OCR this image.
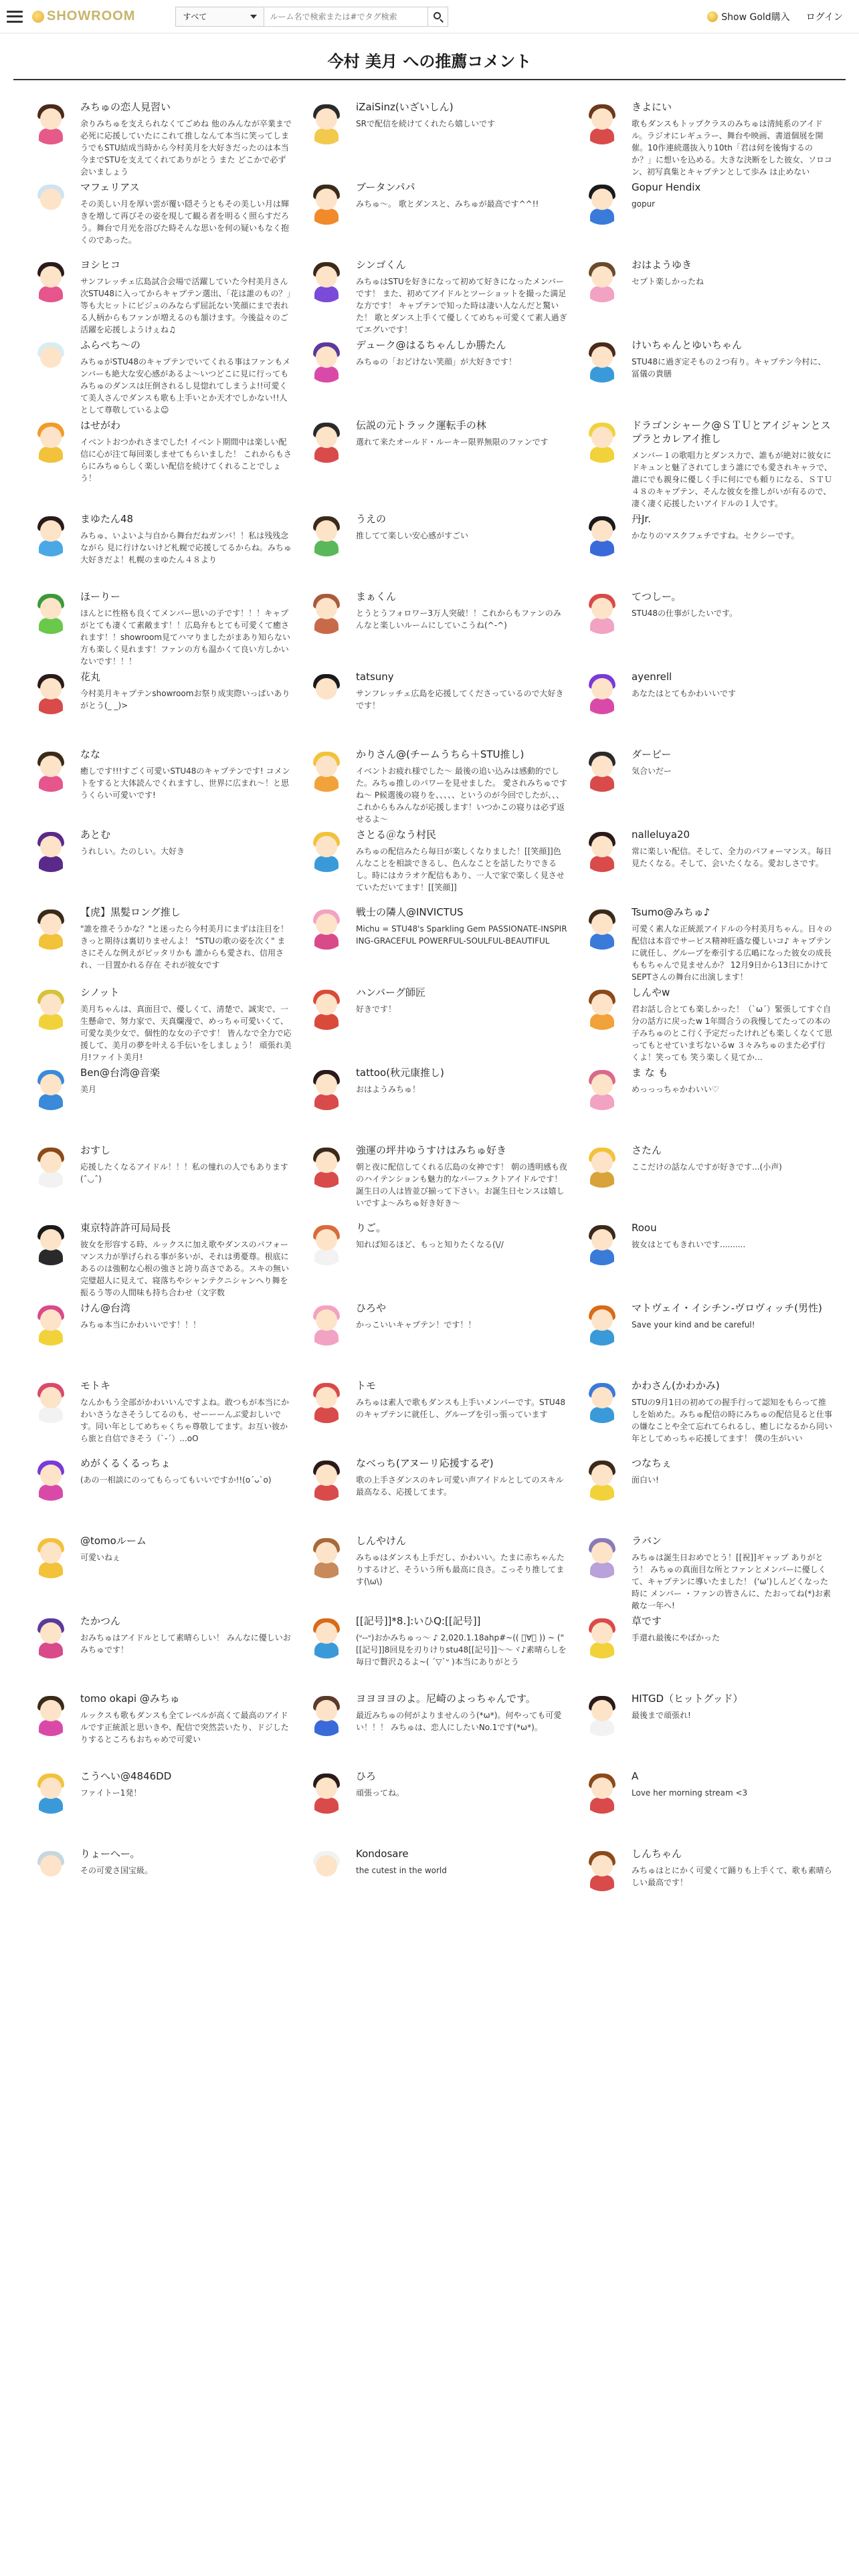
SHOWROOM	すべて
ルーム名で検索または#でタグ検索	Show Gold購入 ログイン
今村 美月 への推薦コメント
みちゅの恋人見習い
余りみちゅを支えられなくてごめね 他のみんなが卒業まで必死に応援していたにこれて推しなんて本当に笑ってしまうでもSTU結成当時から今村美月を大好きだったのは本当 今までSTUを支えてくれてありがとう また どこかで必ず会いましょう
iZaiSinz(いざいしん)
SRで配信を続けてくれたら嬉しいです
きよにい
歌もダンスもトップクラスのみちゅは清純系のアイドル。ラジオにレギュラー、舞台や映画、書道個展を開催。10作連続選抜入り10th「君は何を後悔するのか？」に想いを込める。大きな決断をした彼女、ソロコン、初写真集とキャプテンとして歩み は止めない
マフェリアス
その美しい月を厚い雲が覆い隠そうともその美しい月は輝きを増して再びその姿を現して観る者を明るく照らすだろう。舞台で月光を浴びた時そんな思いを何の疑いもなく抱くのであった。
ブータンパパ
みちゅ〜。 歌とダンスと、みちゅが最高です^^!!
Gopur Hendix
gopur
ヨシヒコ
サンフレッチェ広島試合会場で活躍していた今村美月さん次STU48に入ってからキャプテン選出、「花は誰のもの？」等も大ヒットにビジュのみならず屈託ない笑顔にまで表れる人柄からもファンが増えるのも頷けます。今後益々のご活躍を応援しようけぇね♫
シンゴくん
みちゅはSTUを好きになって初めて好きになったメンバーです！ また、初めてアイドルとツーショットを撮った満足な方です！ キャプテンで知った時は凄い人なんだと驚いた！ 歌とダンス上手くて優しくてめちゃ可愛くて素人過ぎてエグいです！
おはようゆき
セプト楽しかったね
ふらぺち〜の
みちゅがSTU48のキャプテンでいてくれる事はファンもメンバーも絶大な安心感があるよ〜いつどこに見に行ってもみちゅのダンスは圧倒されるし見惚れてしまうよ!!可愛くて美人さんでダンスも歌も上手いとか天才でしかない!!人として尊敬しているよ☺
デューク@はるちゃんしか勝たん
みちゅの「おどけない笑顔」が大好きです！
けいちゃんとゆいちゃん
STU48に過ぎ定そもの２つ有り。キャプテン今村に、冨儀の貴膳
はせがわ
イベントおつかれさまでした! イベント期間中は楽しい配信に心が注て毎回楽しませてもらいました！ これからもさらにみちゅらしく楽しい配信を続けてくれることでしょう！
伝説の元トラック運転手の林
選れて来たオールド・ルーキー限界無限のファンです
ドラゴンシャーク@ＳＴＵとアイジャンとスプラとカレアイ推し
メンバー１の歌唱力とダンス力で、誰もが絶対に彼女にドキュンと魅了されてしまう誰にでも愛されキャラで、誰にでも親身に優しく手に何にでも頼りになる、ＳＴＵ４８のキャプテン、そんな彼女を推しがいが有るので、凄く凄く応援したいアイドルの１人です。
まゆたん48
みちゅ、いよいよ与自から舞台だねガンバ！！私は残残念ながら 見に行けないけど札幌で応援してるからね。みちゅ大好きだよ！札幌のまゆたん４８より
うえの
推してて楽しい安心感がすごい
丹Jr.
かなりのマスクフェチですね。セクシーです。
ほーりー
ほんとに性格も良くてメンバー思いの子です！！！キャプがとても凄くて素敵ます！！広島弁もとても可愛くて癒されます！！showroom見てハマりましたがまあり知らない方も楽しく見れます！ファンの方も温かくて良い方しかいないです！！！
まぁくん
とうとうフォロワー3万人突破！！これからもファンのみんなと楽しいルームにしていこうね(^-^)
てつしー。
STU48の仕事がしたいです。
花丸
今村美月キャプテンshowroomお祭り成実際いっぱいありがとう(_ _)>
tatsuny
サンフレッチェ広島を応援してくださっているので大好きです！
ayenrell
あなたはとてもかわいいです
なな
癒しです!!!すごく可愛いSTU48のキャプテンです! コメントをすると大体読んでくれますし、世界に広まれ〜！と思うくらい可愛いです!
かりさん@(チームうちら＋STU推し)
イベントお疲れ様でした〜 最後の追い込みは感動的でした。みちゅ推しのパワーを見せました。 愛されみちゅですね〜 P候選後の寝りを、、、、、というのが今回でしたが、、、これからもみんなが応援します！いつかこの寝りは必ず返せるよ〜
ダービー
気合いだー
あとむ
うれしい。たのしい。大好き
さとる＠なう村民
みちゅの配信みたら毎日が楽しくなりました！[[笑顔]]色んなことを相談できるし、色んなことを話したりできるし。時にはカラオケ配信もあり、一人で家で楽しく見させていただいてます！[[笑顔]]
nalleluya20
常に楽しい配信。そして、全力のパフォーマンス。毎日見たくなる。そして、会いたくなる。愛おしさです。
【虎】黒髪ロング推し
"誰を推そうかな？"と迷ったら今村美月にまずは注目を！ きっと期待は裏切りませんよ！ "STUの歌の姿を次く" まさにそんな例えがピッタリかも 誰からも愛され、信用され、一目置かれる存在 それが彼女です
戦士の隣人@INVICTUS
Michu = STU48's Sparkling Gem PASSIONATE-INSPIRING-GRACEFUL POWERFUL-SOULFUL-BEAUTIFUL
Tsumo@みちゅ♪
可愛く素人な正統派アイドルの今村美月ちゃん。日々の配信は本音でサービス精神旺盛な優しいコ♪ キャプテンに就任し、グループを牽引する広嶋になった彼女の成長ももちゃんで見ませんか？ 12月9日から13日にかけてSEPTさんの舞台に出演します！
シノット
美月ちゃんは、真面目で、優しくて、清楚で、誠実で、一生懸命で、努力家で、天真爛漫で、めっちゃ可愛いくて、可愛な美少女で、個性的な女の子です！ 皆んなで全力で応援して、美月の夢を叶える手伝いをしましょう！ 頑張れ美月!ファイト美月!
ハンバーグ師匠
好きです！
しんやw
君お話し合とても楽しかった！（`ω´）緊張してすぐ自分の話方に戻ったw 1年間合うの我慢してたっての本の子みちゅのとこ行く予定だったけれども楽しくなくて思ってもとせていまぢないるw ３々みちゅのまた必ず行くよ！笑っても 笑う楽しく見てか…
Ben@台湾@音楽
美月
tattoo(秋元康推し)
おはようみちゅ！
ま な も
めっっっちゃかわいい♡
おすし
応援したくなるアイドル！！！私の憧れの人でもあります(ˆ◡ˆ)
強運の坪井ゆうすけはみちゅ好き
朝と夜に配信してくれる広島の女神です！ 朝の透明感も夜のハイテンションも魅力的なパーフェクトアイドルです！ 誕生日の人は皆並び揃って下さい。お誕生日センスは嬉しいですよ〜みちゅ好き好き〜
さたん
ここだけの話なんですが好きです...(小声)
東京特許許可局局長
彼女を形容する時、ルックスに加え歌やダンスのパフォーマンス力が挙げられる事が多いが、それは勇憂尊。根底にあるのは強靭な心根の強さと誇り高さである。スキの無い完璧超人に見えて、寝落ちやシャンテクニシャンへり舞を振るう等の人間味も持ち合わせ（文字数
りご。
知れば知るほど、もっと知りたくなる(\//
Roou
彼女はとてもきれいです..........
けん@台湾
みちゅ本当にかわいいです！！！
ひろや
かっこいいキャプテン！です！！
マトヴェイ・イシチン-ヴロヴィッチ(男性)
Save your kind and be careful!
モトキ
なんかもう全部がかわいいんですよね。敢つもが本当にかわいさうなさそうしてるのも、せーーーんぶ愛おしいです。同い年としてめちゃくちゃ尊敬してます。お互い彼から旅と自信できそう（`-´）...oO
トモ
みちゅは素人で歌もダンスも上手いメンバーです。STU48のキャプテンに就任し、グループを引っ張っています
かわさん(かわかみ)
STUの9月1日の初めての握手行って認知をもらって推しを始めた。みちゅ配信の時にみちゅの配信見ると仕事の嫌なことや全て忘れてられるし、癒しになるから同い年としてめっちゃ応援してます！ 僕の生がいい
めがくるくるっちょ
(あの一相談にのってもらってもいいですか!!(oˊᴗˋo)
なべっち(アヌーリ応援するぞ)
歌の上手さダンスのキレ可愛い声アイドルとしてのスキル最高なる、応援してます。
つなちぇ
面白い!
@tomoルーム
可愛いねぇ
しんやけん
みちゅはダンスも上手だし、かわいい。たまに赤ちゃんたりするけど、そういう所も最高に良さ。こっそり推してます(\ω\)
ラバン
みちゅは誕生日おめでとう！[[祝]]ギャップ ありがとう！ みちゅの真面目な所とファンとメンバーに優しくて、キャプテンに導いたました！ (‘ω’)しんどくなった時に メンバー ・ファンの皆さんに、たおってね(*)お素敵な一年へ!
たかつん
おみちゅはアイドルとして素晴らしい！ みんなに優しいおみちゅです！
[[記号]]*8.]:いひQ:[[記号]]
(ᐡ--ᐡ)おかみちゅっ〜 ♪ 2,020.1.18ahp#~(( ゚∀゚ )) ~ ("[[記号]]8回見を刃りけりstu48[[記号]]〜〜ヾ♪素晴らしを毎日で贅沢♫るよ~( ´▽`ᐡ )本当にありがとう
草です
手還れ最後にやばかった
tomo okapi @みちゅ
ルックスも歌もダンスも全てレベルが高くて最高のアイドルです正統派と思いきや、配信で突然芸いたり、ドジしたりするところもおちゃめで可愛い
ヨヨヨヨのよ。尼崎のよっちゃんです。
最近みちゅの何がよりませんのう(*ω*)。何やっても可愛い！！！ みちゅは、恋人にしたいNo.1です(*ω*)。
HITGD（ヒットグッド）
最後まで頑張れ!
こうへい@4846DD
ファイトー1発！
ひろ
頑張ってね。
A
Love her morning stream <3
りょーへー。
その可愛さ国宝級。
Kondosare
the cutest in the world
しんちゃん
みちゅはとにかく可愛くて踊りも上手くて、歌も素晴らしい最高です！
